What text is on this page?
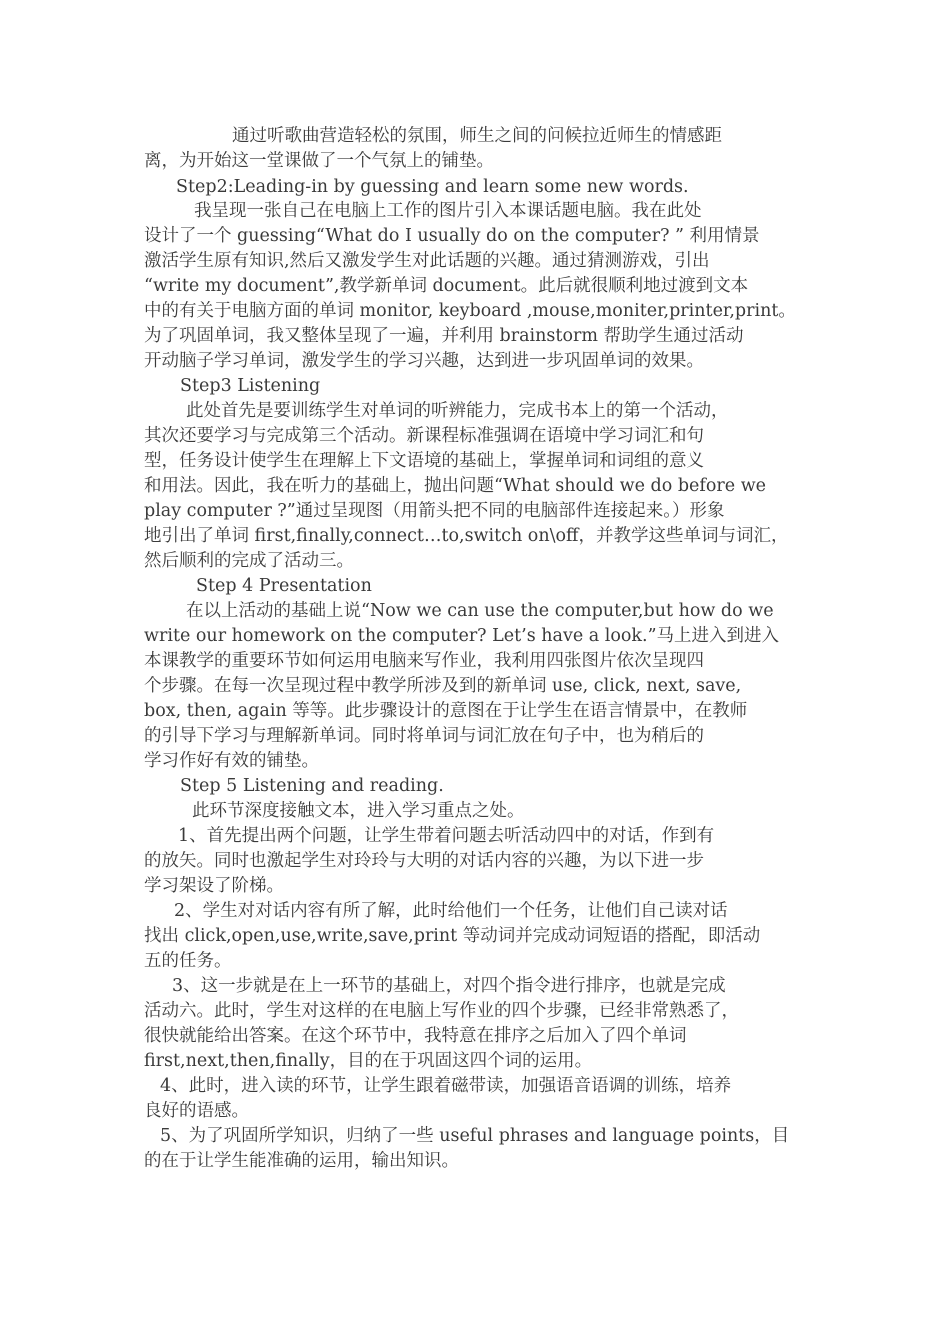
通过听歌曲营造轻松的氛围，师生之间的问候拉近师生的情感距
离，为开始这一堂课做了一个气氛上的铺垫。
Step2:Leading-in by guessing and learn some new words.
我呈现一张自己在电脑上工作的图片引入本课话题电脑。我在此处
设计了一个 guessing“What do I usually do on the computer? ” 利用情景
激活学生原有知识,然后又激发学生对此话题的兴趣。通过猜测游戏，引出
“write my document”,教学新单词 document。此后就很顺利地过渡到文本
中的有关于电脑方面的单词 monitor, keyboard ,mouse,moniter,printer,print。
为了巩固单词，我又整体呈现了一遍，并利用 brainstorm 帮助学生通过活动
开动脑子学习单词，激发学生的学习兴趣，达到进一步巩固单词的效果。
Step3 Listening
此处首先是要训练学生对单词的听辨能力，完成书本上的第一个活动，
其次还要学习与完成第三个活动。新课程标准强调在语境中学习词汇和句
型，任务设计使学生在理解上下文语境的基础上，掌握单词和词组的意义
和用法。因此，我在听力的基础上，抛出问题“What should we do before we
play computer ?”通过呈现图（用箭头把不同的电脑部件连接起来。）形象
地引出了单词 first,finally,connect…to,switch on\off，并教学这些单词与词汇，
然后顺利的完成了活动三。
Step 4 Presentation
在以上活动的基础上说“Now we can use the computer,but how do we
write our homework on the computer? Let’s have a look.”马上进入到进入
本课教学的重要环节如何运用电脑来写作业，我利用四张图片依次呈现四
个步骤。在每一次呈现过程中教学所涉及到的新单词 use, click, next, save,
box, then, again 等等。此步骤设计的意图在于让学生在语言情景中，在教师
的引导下学习与理解新单词。同时将单词与词汇放在句子中，也为稍后的
学习作好有效的铺垫。
Step 5 Listening and reading.
此环节深度接触文本，进入学习重点之处。
1、首先提出两个问题，让学生带着问题去听活动四中的对话，作到有
的放矢。同时也激起学生对玲玲与大明的对话内容的兴趣，为以下进一步
学习架设了阶梯。
2、学生对对话内容有所了解，此时给他们一个任务，让他们自己读对话
找出 click,open,use,write,save,print 等动词并完成动词短语的搭配，即活动
五的任务。
3、这一步就是在上一环节的基础上，对四个指令进行排序，也就是完成
活动六。此时，学生对这样的在电脑上写作业的四个步骤，已经非常熟悉了，
很快就能给出答案。在这个环节中，我特意在排序之后加入了四个单词
first,next,then,finally，目的在于巩固这四个词的运用。
4、此时，进入读的环节，让学生跟着磁带读，加强语音语调的训练，培养
良好的语感。
5、为了巩固所学知识，归纳了一些 useful phrases and language points，目
的在于让学生能准确的运用，输出知识。
